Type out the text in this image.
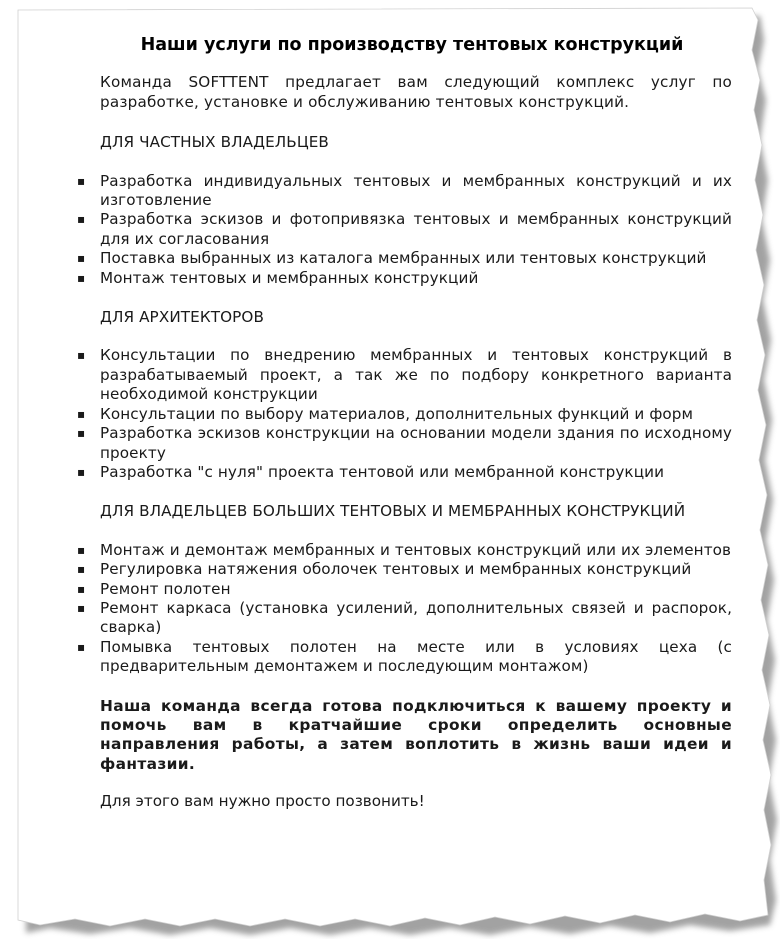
Наши услуги по производству тентовых конструкций
Команда SOFTTENT предлагает вам следующий комплекс услуг по разработке, установке и обслуживанию тентовых конструкций.
ДЛЯ ЧАСТНЫХ ВЛАДЕЛЬЦЕВ
▪ Разработка индивидуальных тентовых и мембранных конструкций и их изготовление
▪ Разработка эскизов и фотопривязка тентовых и мембранных конструкций для их согласования
▪ Поставка выбранных из каталога мембранных или тентовых конструкций
▪ Монтаж тентовых и мембранных конструкций
ДЛЯ АРХИТЕКТОРОВ
▪ Консультации по внедрению мембранных и тентовых конструкций в разрабатываемый проект, а так же по подбору конкретного варианта необходимой конструкции
▪ Консультации по выбору материалов, дополнительных функций и форм
▪ Разработка эскизов конструкции на основании модели здания по исходному проекту
▪ Разработка "с нуля" проекта тентовой или мембранной конструкции
ДЛЯ ВЛАДЕЛЬЦЕВ БОЛЬШИХ ТЕНТОВЫХ И МЕМБРАННЫХ КОНСТРУКЦИЙ
▪ Монтаж и демонтаж мембранных и тентовых конструкций или их элементов
▪ Регулировка натяжения оболочек тентовых и мембранных конструкций
▪ Ремонт полотен
▪ Ремонт каркаса (установка усилений, дополнительных связей и распорок, сварка)
▪ Помывка тентовых полотен на месте или в условиях цеха (с предварительным демонтажем и последующим монтажом)
Наша команда всегда готова подключиться к вашему проекту и помочь вам в кратчайшие сроки определить основные направления работы, а затем воплотить в жизнь ваши идеи и фантазии.
Для этого вам нужно просто позвонить!
